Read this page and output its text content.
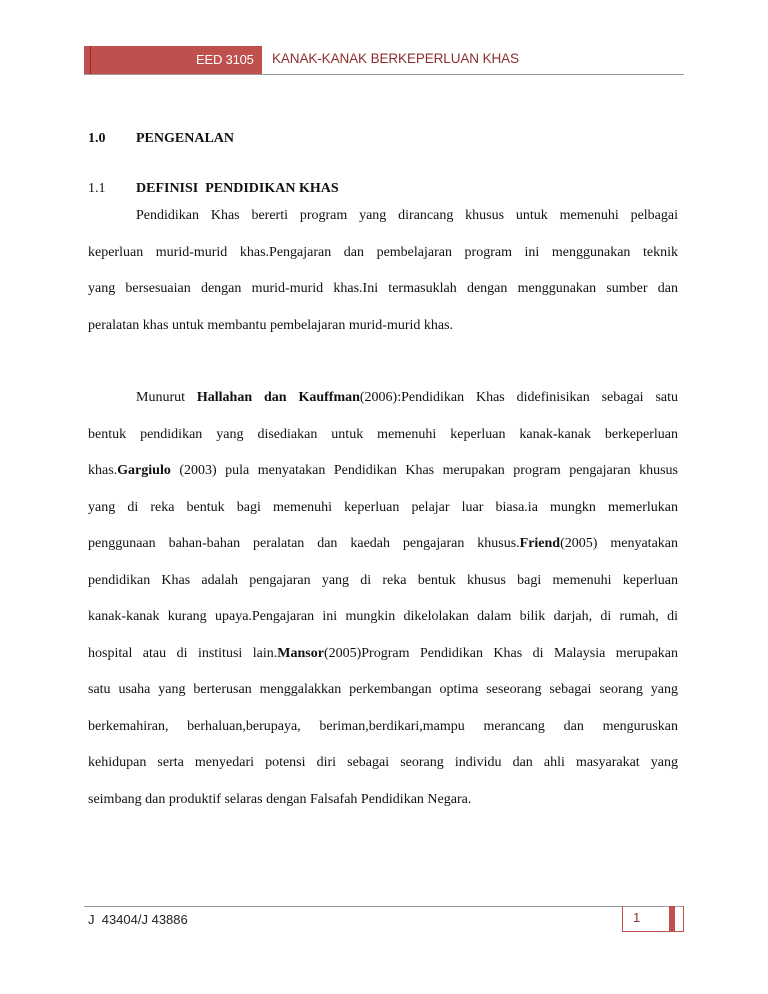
EED 3105 KANAK-KANAK BERKEPERLUAN KHAS
1.0 PENGENALAN
1.1 DEFINISI  PENDIDIKAN KHAS
Pendidikan Khas bererti program yang dirancang khusus untuk memenuhi pelbagai
keperluan murid-murid khas.Pengajaran dan pembelajaran program ini menggunakan teknik
yang bersesuaian dengan murid-murid khas.Ini termasuklah dengan menggunakan sumber dan
peralatan khas untuk membantu pembelajaran murid-murid khas.
Munurut Hallahan dan Kauffman(2006):Pendidikan Khas didefinisikan sebagai satu
bentuk pendidikan yang disediakan untuk memenuhi keperluan kanak-kanak berkeperluan
khas.Gargiulo (2003) pula menyatakan Pendidikan Khas merupakan program pengajaran khusus
yang di reka bentuk bagi memenuhi keperluan pelajar luar biasa.ia mungkn memerlukan
penggunaan bahan-bahan peralatan dan kaedah pengajaran khusus.Friend(2005) menyatakan
pendidikan Khas adalah pengajaran yang di reka bentuk khusus bagi memenuhi keperluan
kanak-kanak kurang upaya.Pengajaran ini mungkin dikelolakan dalam bilik darjah, di rumah, di
hospital atau di institusi lain.Mansor(2005)Program Pendidikan Khas di Malaysia merupakan
satu usaha yang berterusan menggalakkan perkembangan optima seseorang sebagai seorang yang
berkemahiran, berhaluan,berupaya, beriman,berdikari,mampu merancang dan menguruskan
kehidupan serta menyedari potensi diri sebagai seorang individu dan ahli masyarakat yang
seimbang dan produktif selaras dengan Falsafah Pendidikan Negara.
J  43404/J 43886	1
